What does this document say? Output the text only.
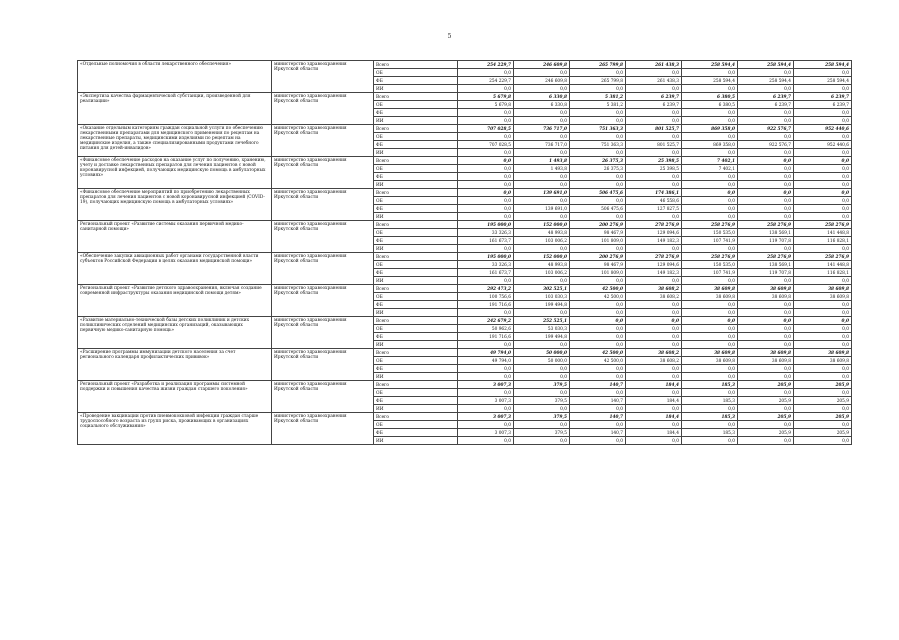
5
«Отдельные полномочия в области лекарственного обеспечения»	министерство здравоохранения Иркутской области	Всего	254 229,7	246 609,8	265 799,8	261 438,3	258 594,4	258 594,4	258 594,4
		ОБ	0,0	0,0	0,0	0,0	0,0	0,0	0,0
		ФБ	254 229,7	246 609,8	265 799,8	261 438,3	258 594,4	258 594,4	258 594,4
		ИИ	0,0	0,0	0,0	0,0	0,0	0,0	0,0
«Экспертиза качества фармацевтической субстанции, произведенной для реализации»	министерство здравоохранения Иркутской области	Всего	5 679,8	6 330,8	5 381,2	6 239,7	6 380,5	6 239,7	6 239,7
		ОБ	5 679,8	6 330,8	5 381,2	6 239,7	6 380,5	6 239,7	6 239,7
		ФБ	0,0	0,0	0,0	0,0	0,0	0,0	0,0
		ИИ	0,0	0,0	0,0	0,0	0,0	0,0	0,0
«Оказание отдельным категориям граждан социальной услуги по обеспечению лекарственными препаратами для медицинского применения по рецептам на лекарственные препараты, медицинскими изделиями по рецептам на медицинские изделия, а также специализированными продуктами лечебного питания для детей-инвалидов»	министерство здравоохранения Иркутской области	Всего	707 028,5	736 717,0	751 363,3	801 525,7	869 358,0	922 576,7	952 440,6
		ОБ	0,0	0,0	0,0	0,0	0,0	0,0	0,0
		ФБ	707 028,5	736 717,0	751 363,3	801 525,7	869 358,0	922 576,7	952 440,6
		ИИ	0,0	0,0	0,0	0,0	0,0	0,0	0,0
«Финансовое обеспечение расходов на оказание услуг по получению, хранению, учету и доставке лекарственных препаратов для лечения пациентов с новой коронавирусной инфекцией, получающих медицинскую помощь в амбулаторных условиях»	министерство здравоохранения Иркутской области	Всего	0,0	1 493,8	26 375,3	25 398,5	7 402,1	0,0	0,0
		ОБ	0,0	1 493,8	26 375,3	25 398,5	7 402,1	0,0	0,0
		ФБ	0,0	0,0	0,0	0,0	0,0	0,0	0,0
		ИИ	0,0	0,0	0,0	0,0	0,0	0,0	0,0
«Финансовое обеспечение мероприятий по приобретению лекарственных препаратов для лечения пациентов с новой коронавирусной инфекцией (COVID-19), получающих медицинскую помощь в амбулаторных условиях»	министерство здравоохранения Иркутской области	Всего	0,0	139 691,0	506 475,6	174 386,1	0,0	0,0	0,0
		ОБ	0,0	0,0	0,0	46 558,6	0,0	0,0	0,0
		ФБ	0,0	139 691,0	506 475,6	127 827,5	0,0	0,0	0,0
		ИИ	0,0	0,0	0,0	0,0	0,0	0,0	0,0
Региональный проект «Развитие системы оказания первичной медико-санитарной помощи»	министерство здравоохранения Иркутской области	Всего	195 000,0	152 000,0	200 276,9	278 276,9	258 276,9	258 276,9	258 276,9
		ОБ	33 326,3	48 993,8	98 467,9	129 094,6	150 535,0	138 569,1	141 448,8
		ФБ	161 673,7	103 006,2	101 809,0	149 182,3	107 741,9	119 707,8	116 828,1
		ИИ	0,0	0,0	0,0	0,0	0,0	0,0	0,0
«Обеспечение закупки авиационных работ органами государственной власти субъектов Российской Федерации в целях оказания медицинской помощи»	министерство здравоохранения Иркутской области	Всего	195 000,0	152 000,0	200 276,9	278 276,9	258 276,9	258 276,9	258 276,9
		ОБ	33 326,3	48 993,8	98 467,9	129 094,6	150 535,0	138 569,1	141 448,8
		ФБ	161 673,7	103 006,2	101 809,0	149 182,3	107 741,9	119 707,8	116 828,1
		ИИ	0,0	0,0	0,0	0,0	0,0	0,0	0,0
Региональный проект «Развитие детского здравоохранения, включая создание современной инфраструктуры оказания медицинской помощи детям»	министерство здравоохранения Иркутской области	Всего	292 473,2	302 525,1	42 500,0	38 608,2	38 609,8	38 609,8	38 609,8
		ОБ	100 756,6	103 030,3	42 500,0	38 608,2	38 609,8	38 609,8	38 609,8
		ФБ	191 716,6	199 494,8	0,0	0,0	0,0	0,0	0,0
		ИИ	0,0	0,0	0,0	0,0	0,0	0,0	0,0
«Развитие материально-технической базы детских поликлиник и детских поликлинических отделений медицинских организаций, оказывающих первичную медико-санитарную помощь»	министерство здравоохранения Иркутской области	Всего	242 679,2	252 525,1	0,0	0,0	0,0	0,0	0,0
		ОБ	50 962,6	53 030,3	0,0	0,0	0,0	0,0	0,0
		ФБ	191 716,6	199 494,8	0,0	0,0	0,0	0,0	0,0
		ИИ	0,0	0,0	0,0	0,0	0,0	0,0	0,0
«Расширение программы иммунизации детского населения за счет регионального календаря профилактических прививок»	министерство здравоохранения Иркутской области	Всего	49 794,0	50 000,0	42 500,0	38 608,2	38 609,8	38 609,8	38 609,8
		ОБ	49 794,0	50 000,0	42 500,0	38 608,2	38 609,8	38 609,8	38 609,8
		ФБ	0,0	0,0	0,0	0,0	0,0	0,0	0,0
		ИИ	0,0	0,0	0,0	0,0	0,0	0,0	0,0
Региональный проект «Разработка и реализация программы системной поддержки и повышения качества жизни граждан старшего поколения»	министерство здравоохранения Иркутской области	Всего	3 007,3	379,5	140,7	184,4	185,3	205,9	205,9
		ОБ	0,0	0,0	0,0	0,0	0,0	0,0	0,0
		ФБ	3 007,3	379,5	140,7	184,4	185,3	205,9	205,9
		ИИ	0,0	0,0	0,0	0,0	0,0	0,0	0,0
«Проведение вакцинации против пневмококковой инфекции граждан старше трудоспособного возраста из групп риска, проживающих в организациях социального обслуживания»	министерство здравоохранения Иркутской области	Всего	3 007,3	379,5	140,7	184,4	185,3	205,9	205,9
		ОБ	0,0	0,0	0,0	0,0	0,0	0,0	0,0
		ФБ	3 007,3	379,5	140,7	184,4	185,3	205,9	205,9
		ИИ	0,0	0,0	0,0	0,0	0,0	0,0	0,0
